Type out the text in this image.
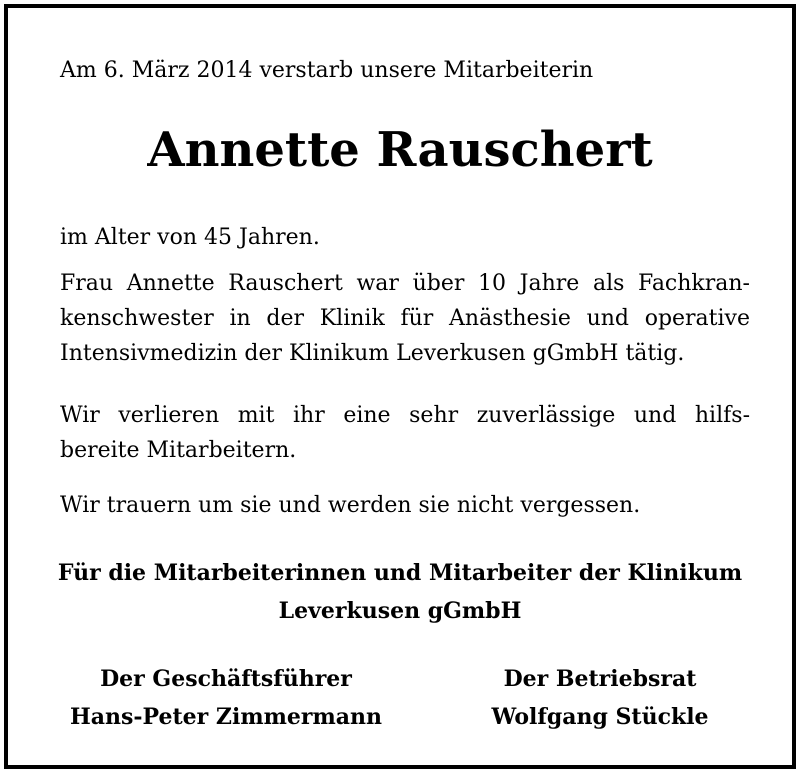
Am 6. März 2014 verstarb unsere Mitarbeiterin
Annette Rauschert
im Alter von 45 Jahren.
Frau Annette Rauschert war über 10 Jahre als Fachkran-
kenschwester in der Klinik für Anästhesie und operative
Intensivmedizin der Klinikum Leverkusen gGmbH tätig.
Wir verlieren mit ihr eine sehr zuverlässige und hilfs-
bereite Mitarbeitern.
Wir trauern um sie und werden sie nicht vergessen.
Für die Mitarbeiterinnen und Mitarbeiter der Klinikum
Leverkusen gGmbH
Der Geschäftsführer
Hans-Peter Zimmermann
Der Betriebsrat
Wolfgang Stückle
